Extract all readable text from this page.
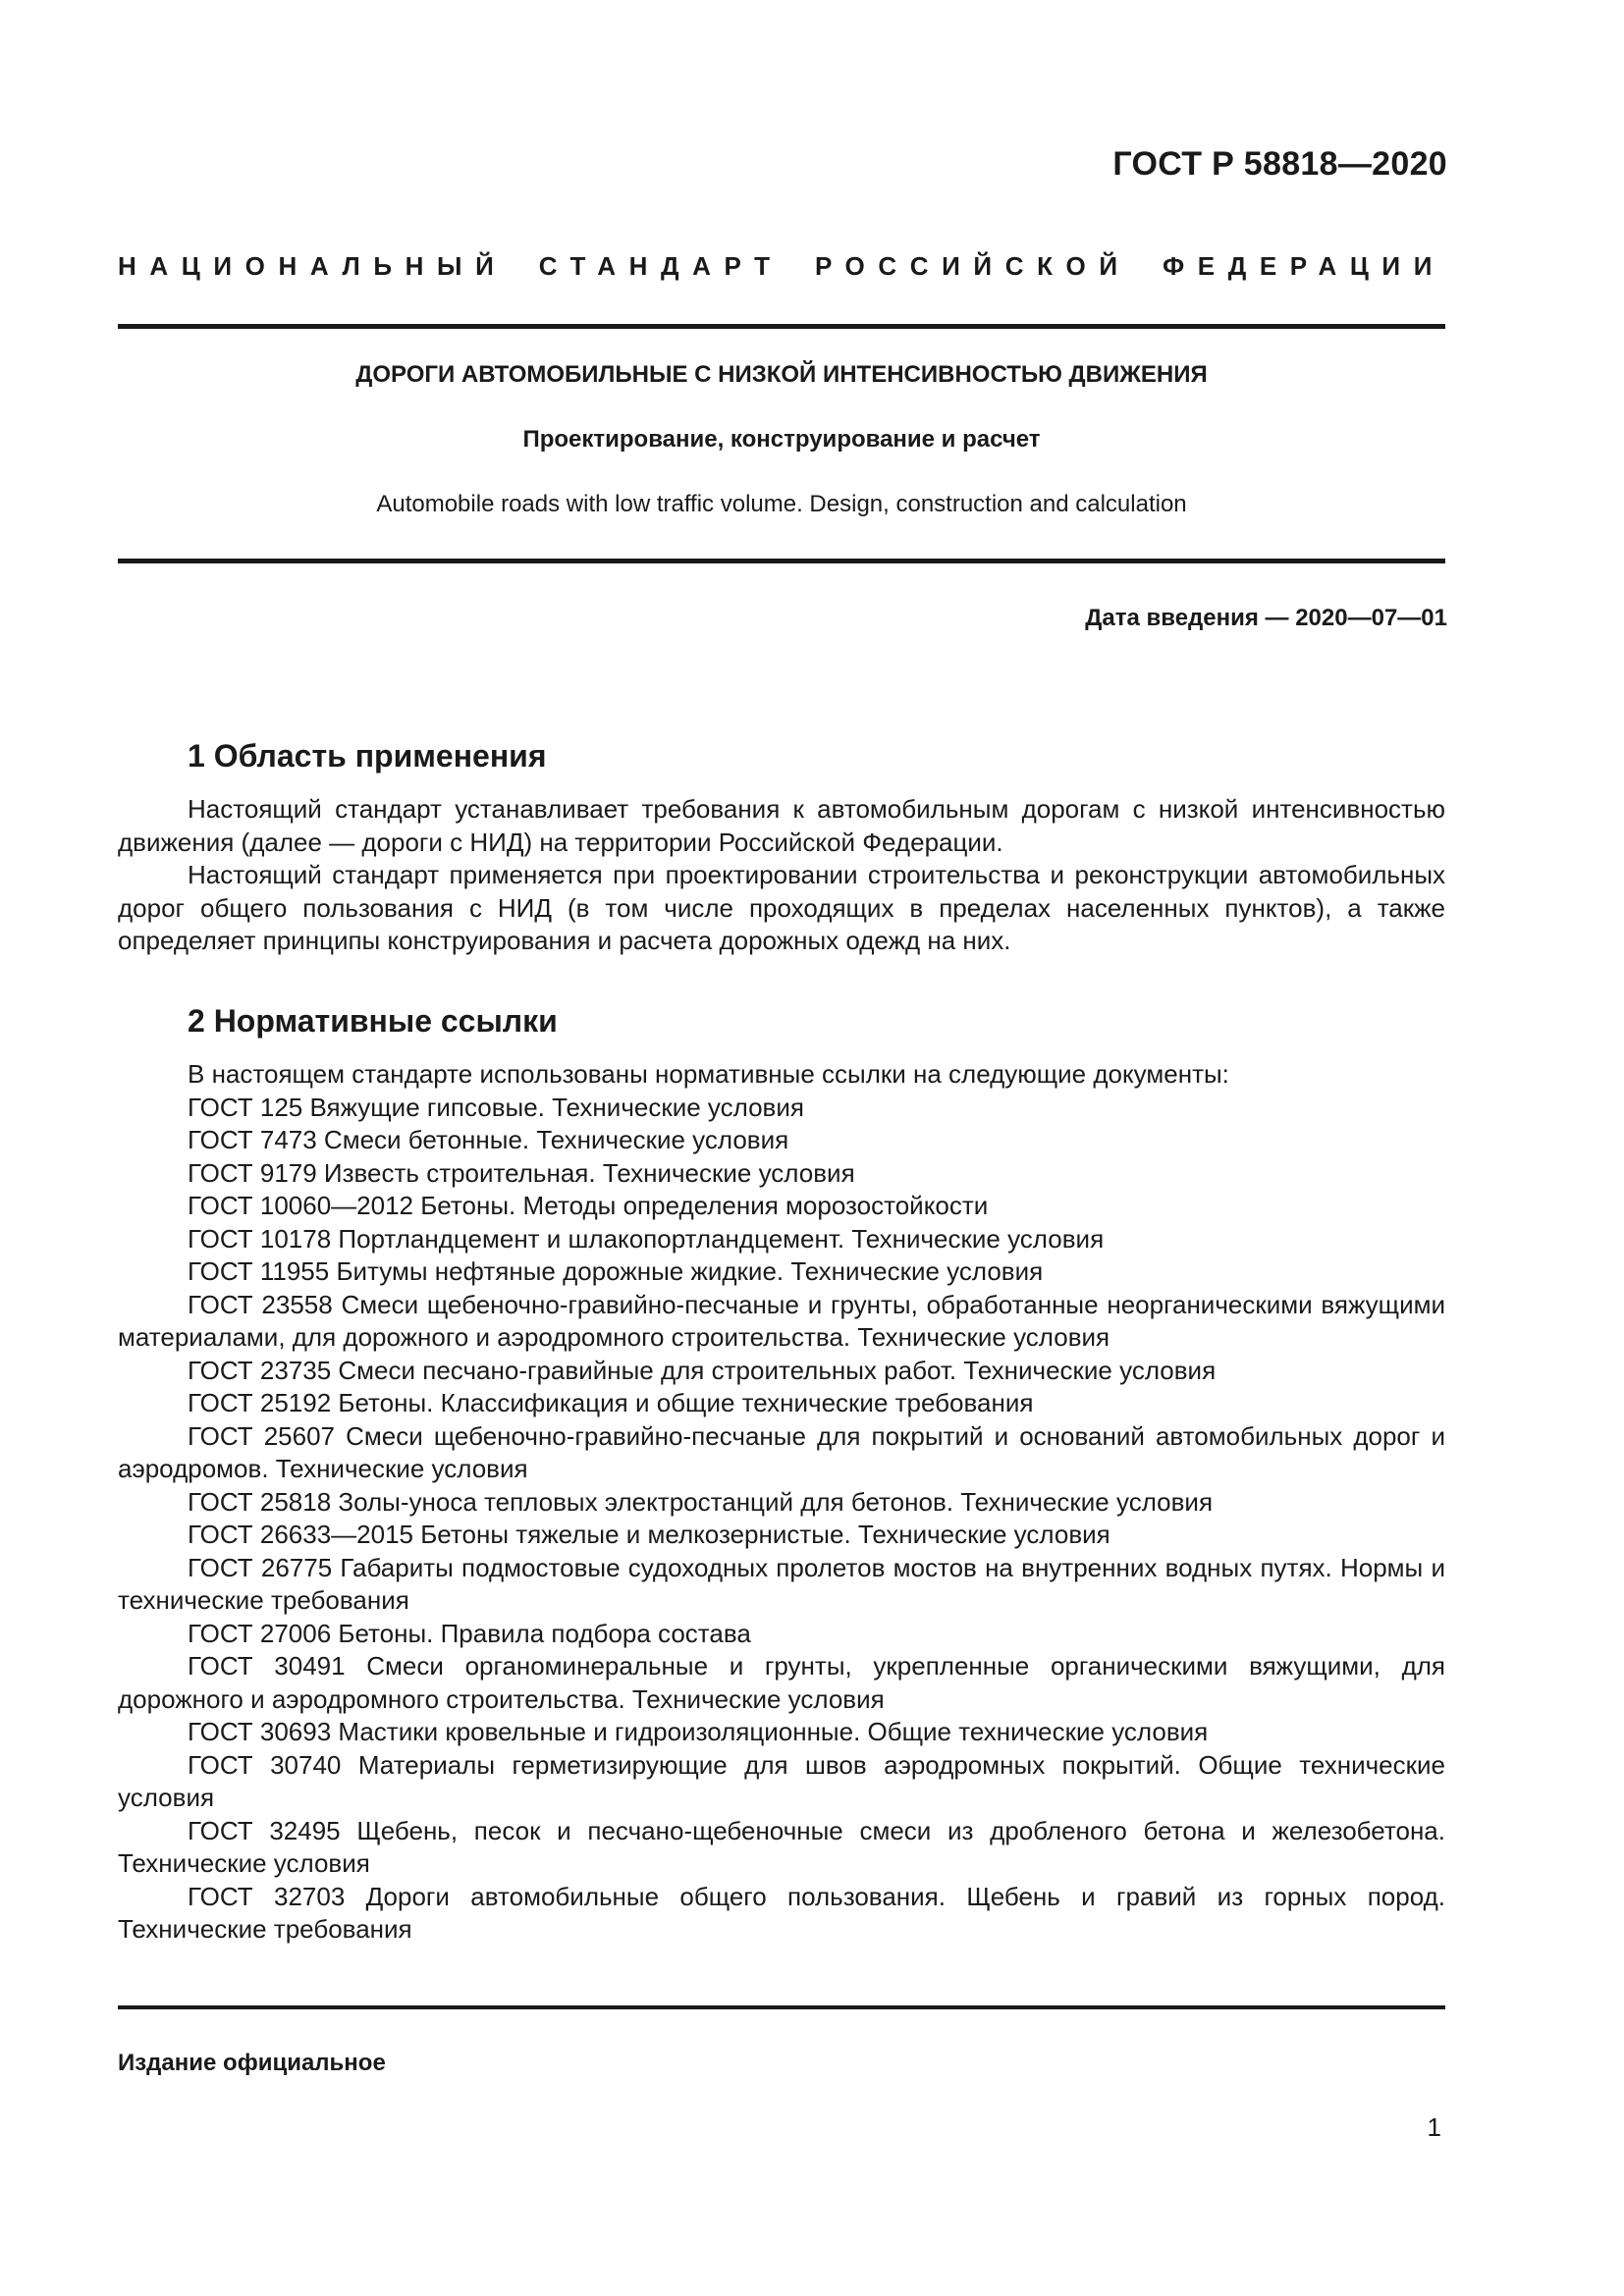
ГОСТ Р 58818—2020
НАЦИОНАЛЬНЫЙ СТАНДАРТ РОССИЙСКОЙ ФЕДЕРАЦИИ
ДОРОГИ АВТОМОБИЛЬНЫЕ С НИЗКОЙ ИНТЕНСИВНОСТЬЮ ДВИЖЕНИЯ
Проектирование, конструирование и расчет
Automobile roads with low traffic volume. Design, construction and calculation
Дата введения — 2020—07—01
1 Область применения

Настоящий стандарт устанавливает требования к автомобильным дорогам с низкой интенсивностью движения (далее — дороги с НИД) на территории Российской Федерации.

Настоящий стандарт применяется при проектировании строительства и реконструкции автомобильных дорог общего пользования с НИД (в том числе проходящих в пределах населенных пунктов), а также определяет принципы конструирования и расчета дорожных одежд на них.

2 Нормативные ссылки

В настоящем стандарте использованы нормативные ссылки на следующие документы:

ГОСТ 125 Вяжущие гипсовые. Технические условия

ГОСТ 7473 Смеси бетонные. Технические условия

ГОСТ 9179 Известь строительная. Технические условия

ГОСТ 10060—2012 Бетоны. Методы определения морозостойкости

ГОСТ 10178 Портландцемент и шлакопортландцемент. Технические условия

ГОСТ 11955 Битумы нефтяные дорожные жидкие. Технические условия

ГОСТ 23558 Смеси щебеночно-гравийно-песчаные и грунты, обработанные неорганическими вяжущими материалами, для дорожного и аэродромного строительства. Технические условия

ГОСТ 23735 Смеси песчано-гравийные для строительных работ. Технические условия

ГОСТ 25192 Бетоны. Классификация и общие технические требования

ГОСТ 25607 Смеси щебеночно-гравийно-песчаные для покрытий и оснований автомобильных дорог и аэродромов. Технические условия

ГОСТ 25818 Золы-уноса тепловых электростанций для бетонов. Технические условия

ГОСТ 26633—2015 Бетоны тяжелые и мелкозернистые. Технические условия

ГОСТ 26775 Габариты подмостовые судоходных пролетов мостов на внутренних водных путях. Нормы и технические требования

ГОСТ 27006 Бетоны. Правила подбора состава

ГОСТ 30491 Смеси органоминеральные и грунты, укрепленные органическими вяжущими, для дорожного и аэродромного строительства. Технические условия

ГОСТ 30693 Мастики кровельные и гидроизоляционные. Общие технические условия

ГОСТ 30740 Материалы герметизирующие для швов аэродромных покрытий. Общие технические условия

ГОСТ 32495 Щебень, песок и песчано-щебеночные смеси из дробленого бетона и железобетона. Технические условия

ГОСТ 32703 Дороги автомобильные общего пользования. Щебень и гравий из горных пород. Технические требования

Издание официальное
1
